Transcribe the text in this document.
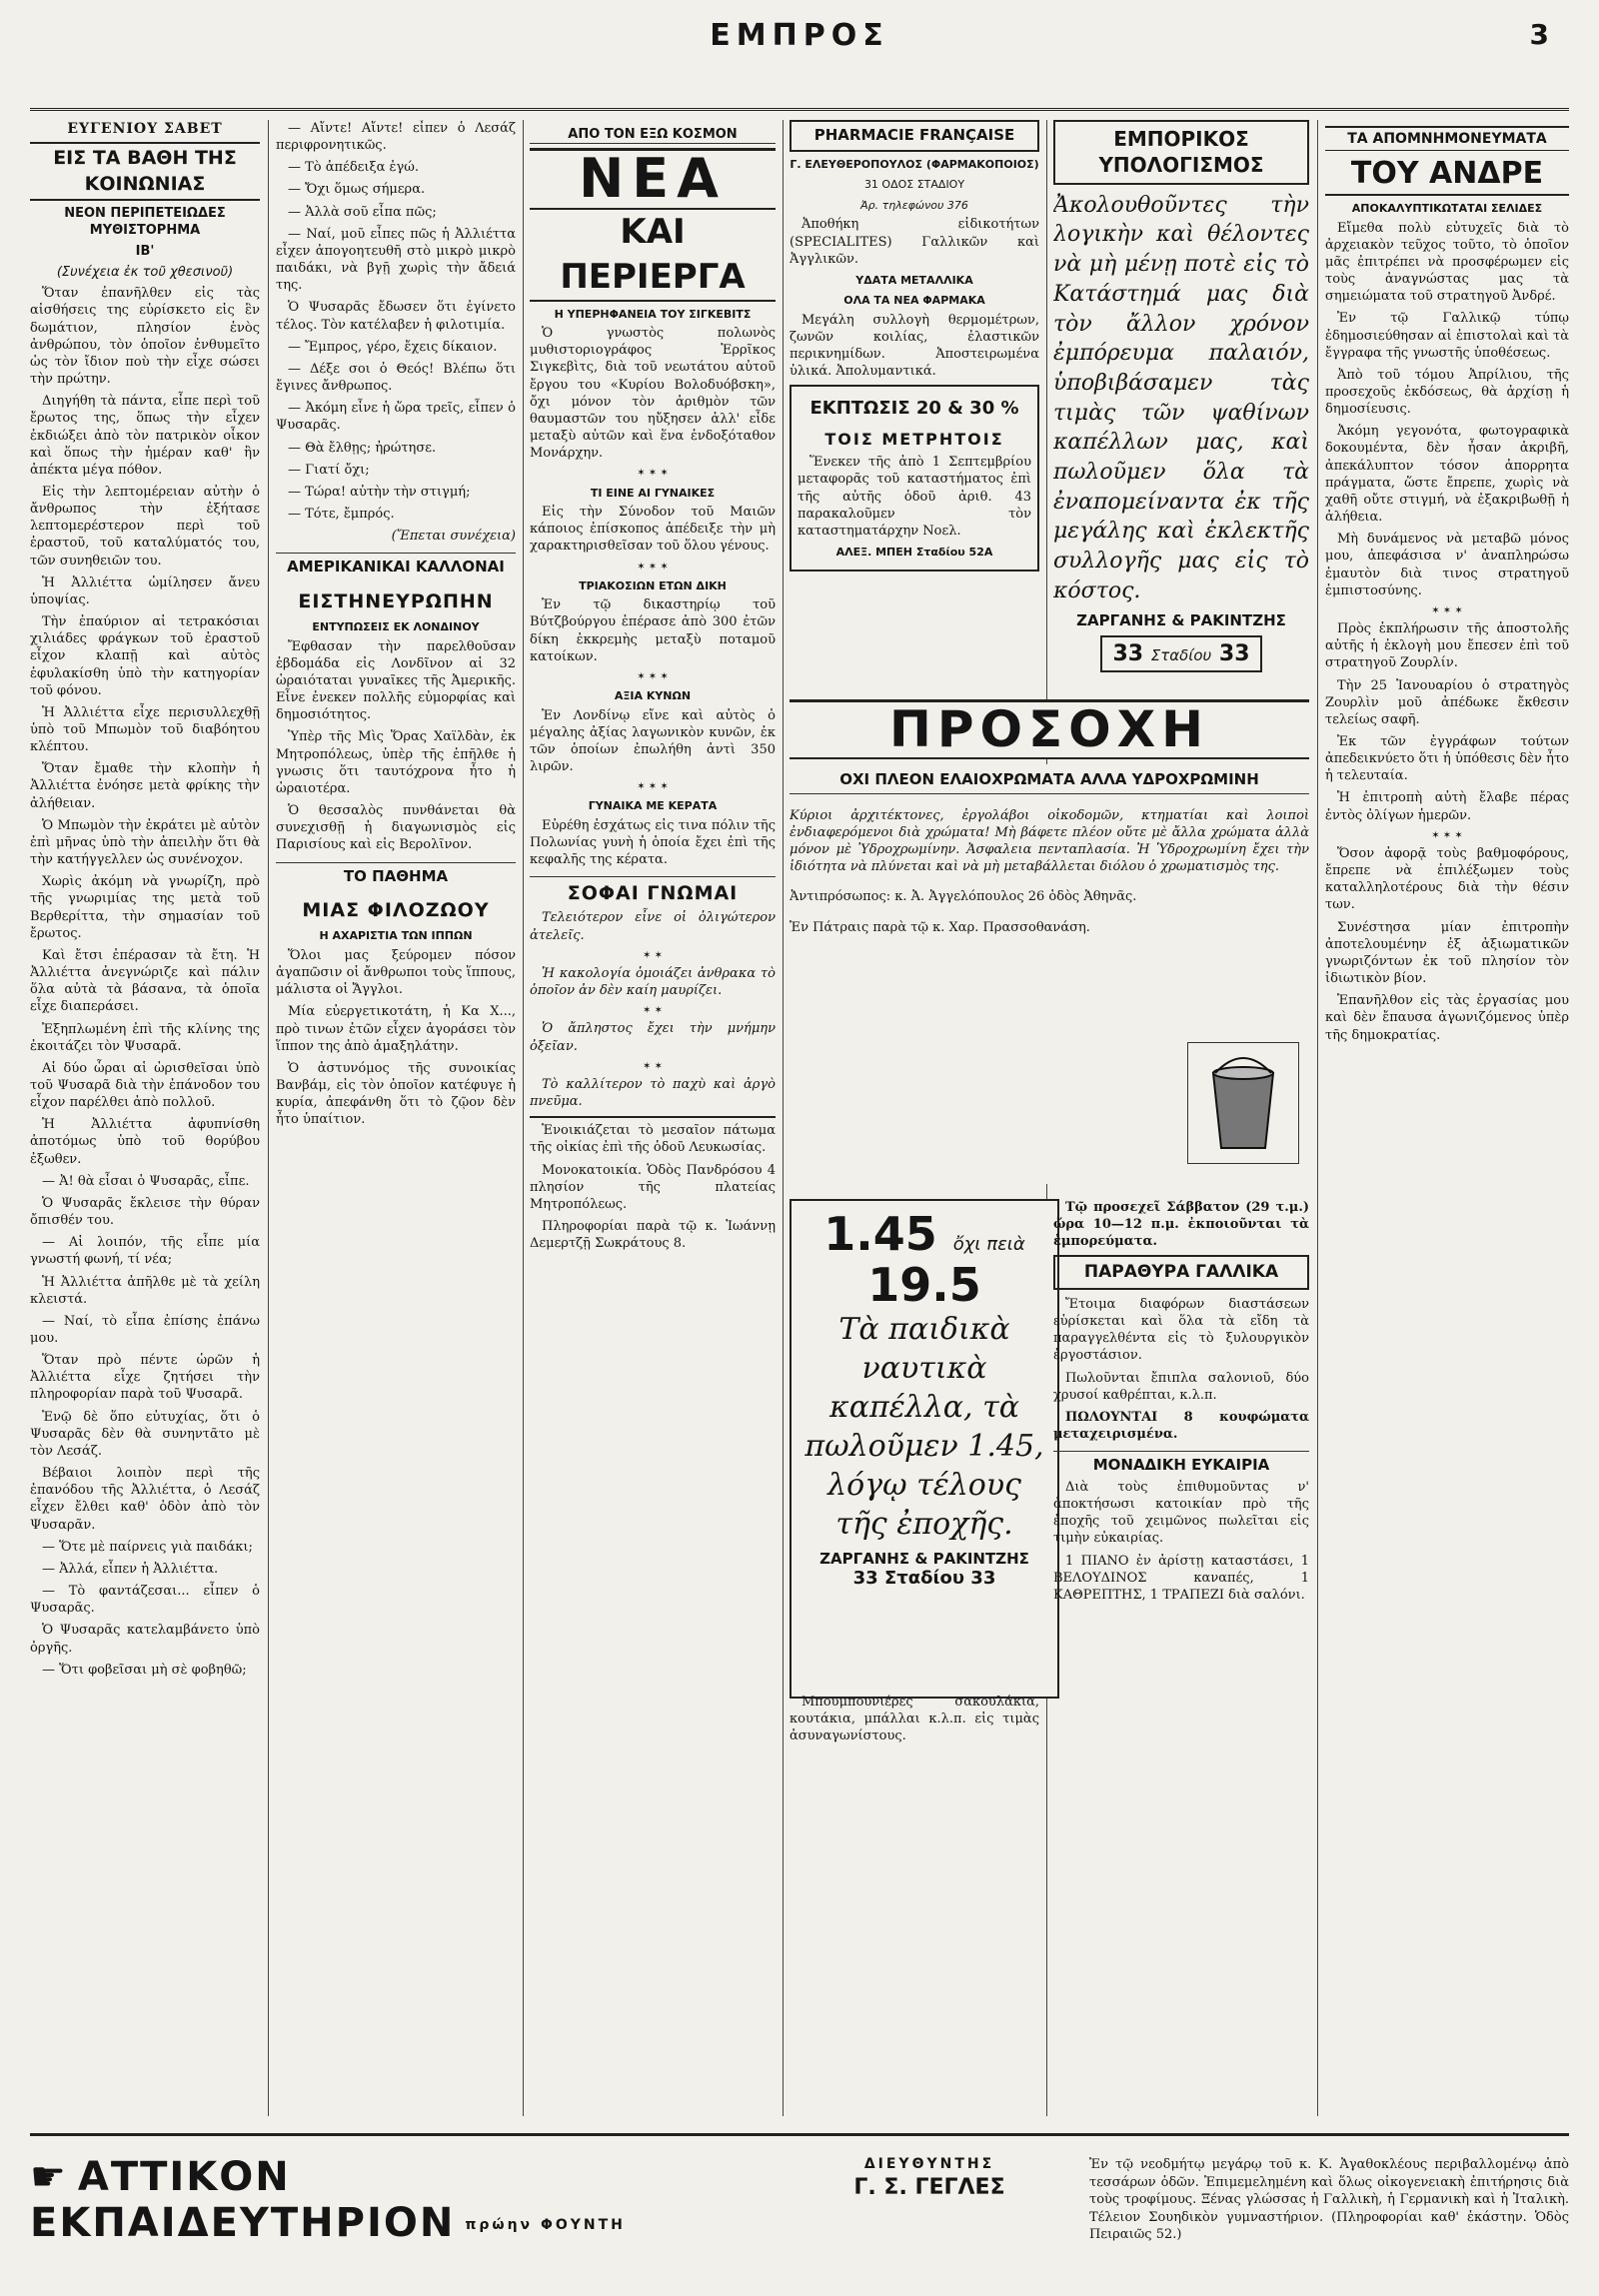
ΕΜΠΡΟΣ	3
ΕΥΓΕΝΙΟΥ ΣΑΒΕΤ
ΕΙΣ ΤΑ ΒΑΘΗ ΤΗΣ ΚΟΙΝΩΝΙΑΣ
ΝΕΟΝ ΠΕΡΙΠΕΤΕΙΩΔΕΣ ΜΥΘΙΣΤΟΡΗΜΑ
ΙΒ'
(Συνέχεια ἐκ τοῦ χθεσινοῦ)

Ὅταν ἐπανῆλθεν εἰς τὰς αἰσθήσεις της εὑρίσκετο εἰς ἓν δωμάτιον, πλησίον ἑνὸς ἀνθρώπου, τὸν ὁποῖον ἐνθυμεῖτο ὡς τὸν ἴδιον ποὺ τὴν εἶχε σώσει τὴν πρώτην.

Διηγήθη τὰ πάντα, εἶπε περὶ τοῦ ἔρωτος της, ὅπως τὴν εἶχεν ἐκδιώξει ἀπὸ τὸν πατρικὸν οἶκον καὶ ὅπως τὴν ἡμέραν καθ' ἣν ἀπέκτα μέγα πόθον.

Εἰς τὴν λεπτομέρειαν αὐτὴν ὁ ἄνθρωπος τὴν ἐξήτασε λεπτομερέστερον περὶ τοῦ ἐραστοῦ, τοῦ καταλύματός του, τῶν συνηθειῶν του.

Ἡ Ἀλλιέττα ὡμίλησεν ἄνευ ὑποψίας.

Τὴν ἐπαύριον αἰ τετρακόσιαι χιλιάδες φράγκων τοῦ ἐραστοῦ εἶχον κλαπῇ καὶ αὐτὸς ἐφυλακίσθη ὑπὸ τὴν κατηγορίαν τοῦ φόνου.

Ἡ Ἀλλιέττα εἶχε περισυλλεχθῇ ὑπὸ τοῦ Μπωμὸν τοῦ διαβόητου κλέπτου.

Ὅταν ἔμαθε τὴν κλοπὴν ἡ Ἀλλιέττα ἐνόησε μετὰ φρίκης τὴν ἀλήθειαν.

Ὁ Μπωμὸν τὴν ἐκράτει μὲ αὐτὸν ἐπὶ μῆνας ὑπὸ τὴν ἀπειλὴν ὅτι θὰ τὴν κατήγγελλεν ὡς συνένοχον.

Χωρὶς ἀκόμη νὰ γνωρίζη, πρὸ τῆς γνωριμίας της μετὰ τοῦ Βερθερίττα, τὴν σημασίαν τοῦ ἔρωτος.

Καὶ ἔτσι ἐπέρασαν τὰ ἔτη. Ἡ Ἀλλιέττα ἀνεγνώριζε καὶ πάλιν ὅλα αὐτὰ τὰ βάσανα, τὰ ὁποῖα εἶχε διαπεράσει.

Ἐξηπλωμένη ἐπὶ τῆς κλίνης της ἐκοιτάζει τὸν Ψυσαρᾶ.

Αἱ δύο ὧραι αἱ ὡρισθεῖσαι ὑπὸ τοῦ Ψυσαρᾶ διὰ τὴν ἐπάνοδον του εἶχον παρέλθει ἀπὸ πολλοῦ.

Ἡ Ἀλλιέττα ἀφυπνίσθη ἀποτόμως ὑπὸ τοῦ θορύβου ἐξωθεν.

— Ἀ! θὰ εἶσαι ὁ Ψυσαρᾶς, εἶπε.

Ὁ Ψυσαρᾶς ἔκλεισε τὴν θύραν ὄπισθέν του.

— Αἱ λοιπόν, τῆς εἶπε μία γνωστή φωνή, τί νέα;

Ἡ Ἀλλιέττα ἀπῆλθε μὲ τὰ χείλη κλειστά.

— Ναί, τὸ εἶπα ἐπίσης ἐπάνω μου.

Ὅταν πρὸ πέντε ὡρῶν ἡ Ἀλλιέττα εἶχε ζητήσει τὴν πληροφορίαν παρὰ τοῦ Ψυσαρᾶ.

Ἐνῷ δὲ ὅπο εὐτυχίας, ὅτι ὁ Ψυσαρᾶς δὲν θὰ συνηντᾶτο μὲ τὸν Λεσάζ.

Βέβαιοι λοιπὸν περὶ τῆς ἐπανόδου τῆς Ἀλλιέττα, ὁ Λεσάζ εἶχεν ἔλθει καθ' ὁδὸν ἀπὸ τὸν Ψυσαρᾶν.

— Ὅτε μὲ παίρνεις γιὰ παιδάκι;

— Ἀλλά, εἶπεν ἡ Ἀλλιέττα.

— Τὸ φαντάζεσαι... εἶπεν ὁ Ψυσαρᾶς.

Ὁ Ψυσαρᾶς κατελαμβάνετο ὑπὸ ὀργῆς.

— Ὅτι φοβεῖσαι μὴ σὲ φοβηθῶ;

— Αἴντε! Αἴντε! εἶπεν ὁ Λεσάζ περιφρονητικῶς.

— Τὸ ἀπέδειξα ἐγώ.

— Ὄχι ὅμως σήμερα.

— Ἀλλὰ σοῦ εἶπα πῶς;

— Ναί, μοῦ εἶπες πῶς ἡ Ἀλλιέττα εἶχεν ἀπογοητευθῆ στὸ μικρὸ μικρὸ παιδάκι, νὰ βγῇ χωρὶς τὴν ἄδειά της.

Ὁ Ψυσαρᾶς ἔδωσεν ὅτι ἐγίνετο τέλος. Τὸν κατέλαβεν ἡ φιλοτιμία.

— Ἔμπρος, γέρο, ἔχεις δίκαιον.

— Δέξε σοι ὁ Θεός! Βλέπω ὅτι ἔγινες ἄνθρωπος.

— Ἀκόμη εἶνε ἡ ὥρα τρεῖς, εἶπεν ὁ Ψυσαρᾶς.

— Θὰ ἔλθῃς; ἠρώτησε.

— Γιατί ὄχι;

— Τώρα! αὐτὴν τὴν στιγμή;

— Τότε, ἔμπρός.

(Ἔπεται συνέχεια)

ΑΜΕΡΙΚΑΝΙΚΑΙ ΚΑΛΛΟΝΑΙ
ΕΙΣΤΗΝΕΥΡΩΠΗΝ
ΕΝΤΥΠΩΣΕΙΣ ΕΚ ΛΟΝΔΙΝΟΥ

Ἔφθασαν τὴν παρελθοῦσαν ἑβδομάδα εἰς Λονδῖνον αἱ 32 ὡραιόταται γυναῖκες τῆς Ἀμερικῆς. Εἶνε ἐνεκεν πολλῆς εὐμορφίας καὶ δημοσιότητος.

Ὑπὲρ τῆς Μὶς Ὅρας Χαϊλδὰν, ἐκ Μητροπόλεως, ὑπὲρ τῆς ἐπῆλθε ἡ γνωσις ὅτι ταυτόχρονα ἦτο ἡ ὡραιοτέρα.

Ὁ θεσσαλὸς πυνθάνεται θὰ συνεχισθῇ ἡ διαγωνισμὸς εἰς Παρισίους καὶ εἰς Βερολῖνον.

ΤΟ ΠΑΘΗΜΑ
ΜΙΑΣ ΦΙΛΟΖΩΟΥ
Η ΑΧΑΡΙΣΤΙΑ ΤΩΝ ΙΠΠΩΝ

Ὅλοι μας ξεύρομεν πόσον ἀγαπῶσιν οἱ ἄνθρωποι τοὺς ἵππους, μάλιστα οἱ Ἄγγλοι.

Μία εὐεργετικοτάτη, ἡ Κα Χ..., πρὸ τινων ἐτῶν εἶχεν ἀγοράσει τὸν ἵππον της ἀπὸ ἁμαξηλάτην.

Ὁ ἀστυνόμος τῆς συνοικίας Βανβάμ, εἰς τὸν ὁποῖον κατέφυγε ἡ κυρία, ἀπεφάνθη ὅτι τὸ ζῷον δὲν ἦτο ὑπαίτιον.

ΑΠΟ ΤΟΝ ΕΞΩ ΚΟΣΜΟΝ
ΝΕΑ
ΚΑΙ ΠΕΡΙΕΡΓΑ
Η ΥΠΕΡΗΦΑΝΕΙΑ ΤΟΥ ΣΙΓΚΕΒΙΤΣ

Ὁ γνωστὸς πολωνὸς μυθιστοριογράφος Ἐρρῖκος Σιγκεβὶτς, διὰ τοῦ νεωτάτου αὐτοῦ ἔργου του «Κυρίου Βολοδυόβσκη», ὄχι μόνον τὸν ἀριθμὸν τῶν θαυμαστῶν του ηὔξησεν ἀλλ' εἶδε μεταξὺ αὐτῶν καὶ ἕνα ἐνδοξόταθον Μονάρχην.

✶ ✶ ✶
ΤΙ ΕΙΝΕ ΑΙ ΓΥΝΑΙΚΕΣ

Εἰς τὴν Σύνοδον τοῦ Μαιῶν κάποιος ἐπίσκοπος ἀπέδειξε τὴν μὴ χαρακτηρισθεῖσαν τοῦ ὅλου γένους.

✶ ✶ ✶
ΤΡΙΑΚΟΣΙΩΝ ΕΤΩΝ ΔΙΚΗ

Ἐν τῷ δικαστηρίῳ τοῦ Βύτζβούργου ἐπέρασε ἀπὸ 300 ἐτῶν δίκη ἐκκρεμὴς μεταξὺ ποταμοῦ κατοίκων.

✶ ✶ ✶
ΑΞΙΑ ΚΥΝΩΝ

Ἐν Λονδίνῳ εἴνε καὶ αὐτὸς ὁ μέγαλης ἀξίας λαγωνικὸν κυνῶν, ἐκ τῶν ὁποίων ἐπωλήθη ἀντὶ 350 λιρῶν.

✶ ✶ ✶
ΓΥΝΑΙΚΑ ΜΕ ΚΕΡΑΤΑ

Εὑρέθη ἐσχάτως εἰς τινα πόλιν τῆς Πολωνίας γυνὴ ἡ ὁποία ἔχει ἐπὶ τῆς κεφαλῆς της κέρατα.

ΣΟΦΑΙ ΓΝΩΜΑΙ

Τελειότερον εἶνε οἱ ὀλιγώτερον ἀτελεῖς.

✶ ✶

Ἡ κακολογία ὁμοιάζει ἀνθρακα τὸ ὁποῖον ἀν δὲν καίη μαυρίζει.

✶ ✶

Ὁ ἄπληστος ἔχει τὴν μνήμην ὀξεῖαν.

✶ ✶

Τὸ καλλίτερον τὸ παχὺ καὶ ἀργὸ πνεῦμα.

Ἐνοικιάζεται τὸ μεσαῖον πάτωμα τῆς οἰκίας ἐπὶ τῆς ὁδοῦ Λευκωσίας.

Μονοκατοικία. Ὁδὸς Πανδρόσου 4 πλησίον τῆς πλατείας Μητροπόλεως.

Πληροφορίαι παρὰ τῷ κ. Ἰωάννῃ Δεμερτζῇ Σωκράτους 8.

PHARMACIE FRANÇAISE
Γ. ΕΛΕΥΘΕΡΟΠΟΥΛΟΣ (ΦΑΡΜΑΚΟΠΟΙΟΣ)
31 ΟΔΟΣ ΣΤΑΔΙΟΥ
Ἀρ. τηλεφώνου 376

Ἀποθήκη εἰδικοτήτων (SPECIALITES) Γαλλικῶν καὶ Ἀγγλικῶν.

ΥΔΑΤΑ ΜΕΤΑΛΛΙΚΑ
ΟΛΑ ΤΑ ΝΕΑ ΦΑΡΜΑΚΑ

Μεγάλη συλλογὴ θερμομέτρων, ζωνῶν κοιλίας, ἐλαστικῶν περικνημίδων. Ἀποστειρωμένα ὑλικά. Ἀπολυμαντικά.

ΕΚΠΤΩΣΙΣ 20 & 30 %
ΤΟΙΣ ΜΕΤΡΗΤΟΙΣ

Ἕνεκεν τῆς ἀπὸ 1 Σεπτεμβρίου μεταφορᾶς τοῦ καταστήματος ἐπὶ τῆς αὐτῆς ὁδοῦ ἀριθ. 43 παρακαλοῦμεν τὸν καταστηματάρχην Νοελ.

ΑΛΕΞ. ΜΠΕΗ Σταδίου 52Α
ΕΜΠΟΡΙΚΟΣ ΥΠΟΛΟΓΙΣΜΟΣ
Ἀκολουθοῦντες τὴν λογικὴν καὶ θέλοντες νὰ μὴ μένῃ ποτὲ εἰς τὸ Κατάστημά μας διὰ τὸν ἄλλον χρόνον ἐμπόρευμα παλαιόν, ὑποβιβάσαμεν τὰς τιμὰς τῶν ψαθίνων καπέλλων μας, καὶ πωλοῦμεν ὅλα τὰ ἐναπομείναντα ἐκ τῆς μεγάλης καὶ ἐκλεκτῆς συλλογῆς μας εἰς τὸ κόστος.
ΖΑΡΓΑΝΗΣ & ΡΑΚΙΝΤΖΗΣ
33 Σταδίου 33
ΠΡΟΣΟΧΗ
ΟΧΙ ΠΛΕΟΝ ΕΛΑΙΟΧΡΩΜΑΤΑ ΑΛΛΑ ΥΔΡΟΧΡΩΜΙΝΗ

Κύριοι ἀρχιτέκτονες, ἐργολάβοι οἰκοδομῶν, κτηματίαι καὶ λοιποὶ ἐνδιαφερόμενοι διὰ χρώματα! Μὴ βάφετε πλέον οὔτε μὲ ἄλλα χρώματα ἀλλὰ μόνον μὲ Ὑδροχρωμίνην. Ἀσφαλεια πενταπλασία. Ἡ Ὑδροχρωμίνη ἔχει τὴν ἰδιότητα νὰ πλύνεται καὶ νὰ μὴ μεταβάλλεται διόλου ὁ χρωματισμὸς της.

Ἀντιπρόσωπος: κ. Ἀ. Ἀγγελόπουλος 26 ὁδὸς Ἀθηνᾶς.

Ἐν Πάτραις παρὰ τῷ κ. Χαρ. Πρασσοθανάση.

1.45 ὄχι πειὰ 19.5
Τὰ παιδικὰ ναυτικὰ καπέλλα, τὰ πωλοῦμεν 1.45, λόγῳ τέλους τῆς ἐποχῆς.
ΖΑΡΓΑΝΗΣ & ΡΑΚΙΝΤΖΗΣ
33 Σταδίου 33

Μπουμπουνιέρες σακουλάκια, κουτάκια, μπάλλαι κ.λ.π. εἰς τιμὰς ἀσυναγωνίστους.

Τῷ προσεχεῖ Σάββατον (29 τ.μ.) ὥρα 10—12 π.μ. ἐκποιοῦνται τὰ ἐμπορεύματα.

ΠΑΡΑΘΥΡΑ ΓΑΛΛΙΚΑ

Ἔτοιμα διαφόρων διαστάσεων εὑρίσκεται καὶ ὅλα τὰ εἴδη τὰ παραγγελθέντα εἰς τὸ ξυλουργικὸν ἐργοστάσιον.

Πωλοῦνται ἔπιπλα σαλονιοῦ, δύο χρυσοί καθρέπται, κ.λ.π.

ΠΩΛΟΥΝΤΑΙ 8 κουφώματα μεταχειρισμένα.

ΜΟΝΑΔΙΚΗ ΕΥΚΑΙΡΙΑ

Διὰ τοὺς ἐπιθυμοῦντας ν' ἀποκτήσωσι κατοικίαν πρὸ τῆς ἐποχῆς τοῦ χειμῶνος πωλεῖται εἰς τιμὴν εὐκαιρίας.

1 ΠΙΑΝΟ ἐν ἀρίστῃ καταστάσει, 1 ΒΕΛΟΥΔΙΝΟΣ καναπές, 1 ΚΑΘΡΕΠΤΗΣ, 1 ΤΡΑΠΕΖΙ διὰ σαλόνι.

ΤΑ ΑΠΟΜΝΗΜΟΝΕΥΜΑΤΑ
ΤΟΥ ΑΝΔΡΕ
ΑΠΟΚΑΛΥΠΤΙΚΩΤΑΤΑΙ ΣΕΛΙΔΕΣ

Εἴμεθα πολὺ εὐτυχεῖς διὰ τὸ ἀρχειακὸν τεῦχος τοῦτο, τὸ ὁποῖον μᾶς ἐπιτρέπει νὰ προσφέρωμεν εἰς τοὺς ἀναγνώστας μας τὰ σημειώματα τοῦ στρατηγοῦ Ἀνδρέ.

Ἐν τῷ Γαλλικῷ τύπῳ ἐδημοσιεύθησαν αἱ ἐπιστολαὶ καὶ τὰ ἔγγραφα τῆς γνωστῆς ὑποθέσεως.

Ἀπὸ τοῦ τόμου Ἀπρίλιου, τῆς προσεχοῦς ἐκδόσεως, θὰ ἀρχίσῃ ἡ δημοσίευσις.

Ἀκόμη γεγονότα, φωτογραφικὰ δοκουμέντα, δὲν ἦσαν ἀκριβῆ, ἀπεκάλυπτον τόσον ἀπορρητα πράγματα, ὥστε ἔπρεπε, χωρὶς νὰ χαθῆ οὔτε στιγμή, νὰ ἐξακριβωθῇ ἡ ἀλήθεια.

Μὴ δυνάμενος νὰ μεταβῶ μόνος μου, ἀπεφάσισα ν' ἀναπληρώσω ἐμαυτὸν διὰ τινος στρατηγοῦ ἐμπιστοσύνης.

✶ ✶ ✶

Πρὸς ἐκπλήρωσιν τῆς ἀποστολῆς αὐτῆς ἡ ἐκλογὴ μου ἔπεσεν ἐπὶ τοῦ στρατηγοῦ Ζουρλίν.

Τὴν 25 Ἰανουαρίου ὁ στρατηγὸς Ζουρλὶν μοῦ ἀπέδωκε ἔκθεσιν τελείως σαφῆ.

Ἐκ τῶν ἐγγράφων τούτων ἀπεδεικνύετο ὅτι ἡ ὑπόθεσις δὲν ἦτο ἡ τελευταία.

Ἡ ἐπιτροπὴ αὐτὴ ἔλαβε πέρας ἐντὸς ὀλίγων ἡμερῶν.

✶ ✶ ✶

Ὅσον ἀφορᾷ τοὺς βαθμοφόρους, ἔπρεπε νὰ ἐπιλέξωμεν τοὺς καταλληλοτέρους διὰ τὴν θέσιν των.

Συνέστησα μίαν ἐπιτροπὴν ἀποτελουμένην ἐξ ἀξιωματικῶν γνωριζόντων ἐκ τοῦ πλησίον τὸν ἰδιωτικὸν βίον.

Ἐπανῆλθον εἰς τὰς ἐργασίας μου καὶ δὲν ἔπαυσα ἀγωνιζόμενος ὑπὲρ τῆς δημοκρατίας.

☛ ΑΤΤΙΚΟΝ ΕΚΠΑΙΔΕΥΤΗΡΙΟΝ πρώην ΦΟΥΝΤΗ
ΔΙΕΥΘΥΝΤΗΣ
Γ. Σ. ΓΕΓΛΕΣ
Ἐν τῷ νεοδμήτῳ μεγάρῳ τοῦ κ. Κ. Ἀγαθοκλέους περιβαλλομένῳ ἀπὸ τεσσάρων ὁδῶν. Ἐπιμεμελημένη καὶ ὅλως οἰκογενειακὴ ἐπιτήρησις διὰ τοὺς τροφίμους. Ξένας γλώσσας ἡ Γαλλικὴ, ἡ Γερμανικὴ καὶ ἡ Ἰταλικὴ. Τέλειον Σουηδικὸν γυμναστήριον. (Πληροφορίαι καθ' ἑκάστην. Ὁδὸς Πειραιῶς 52.)
